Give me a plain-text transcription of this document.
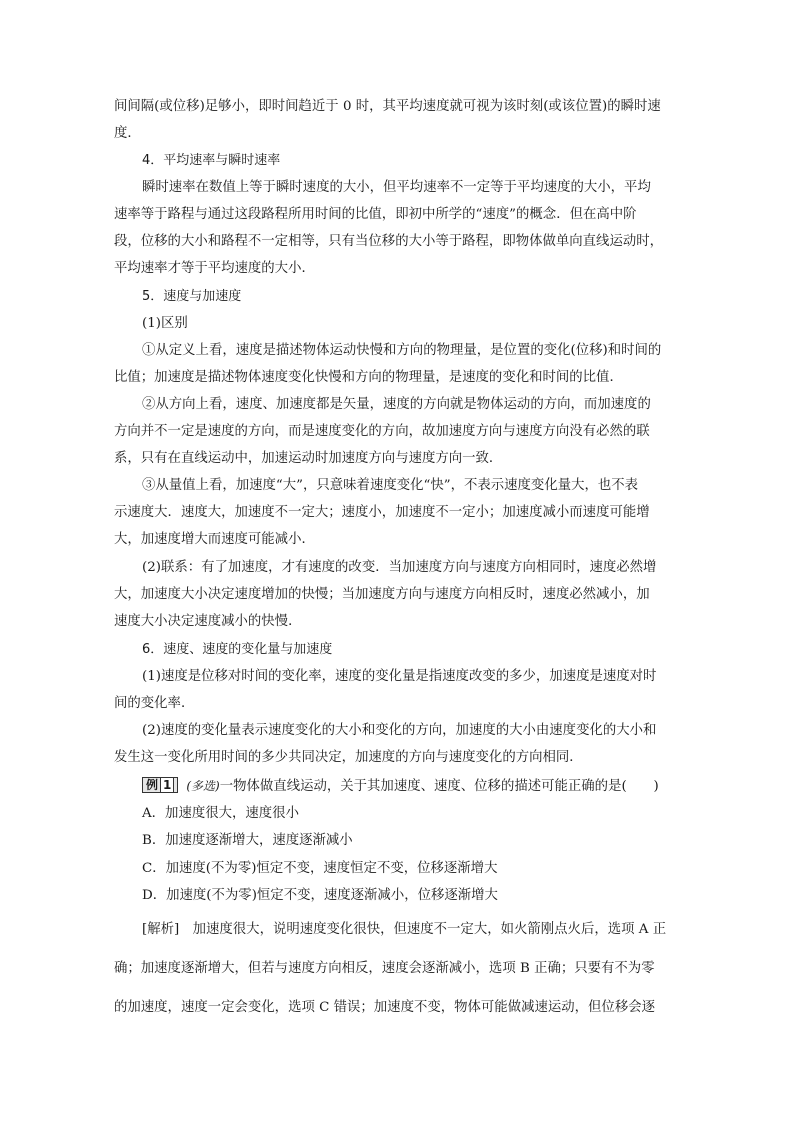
间间隔(或位移)足够小，即时间趋近于 0 时，其平均速度就可视为该时刻(或该位置)的瞬时速

度．

4．平均速率与瞬时速率

瞬时速率在数值上等于瞬时速度的大小，但平均速率不一定等于平均速度的大小，平均

速率等于路程与通过这段路程所用时间的比值，即初中所学的“速度”的概念．但在高中阶

段，位移的大小和路程不一定相等，只有当位移的大小等于路程，即物体做单向直线运动时，

平均速率才等于平均速度的大小．

5．速度与加速度

(1)区别

①从定义上看，速度是描述物体运动快慢和方向的物理量，是位置的变化(位移)和时间的

比值；加速度是描述物体速度变化快慢和方向的物理量，是速度的变化和时间的比值．

②从方向上看，速度、加速度都是矢量，速度的方向就是物体运动的方向，而加速度的

方向并不一定是速度的方向，而是速度变化的方向，故加速度方向与速度方向没有必然的联

系，只有在直线运动中，加速运动时加速度方向与速度方向一致．

③从量值上看，加速度“大”，只意味着速度变化“快”，不表示速度变化量大，也不表

示速度大．速度大，加速度不一定大；速度小，加速度不一定小；加速度减小而速度可能增

大，加速度增大而速度可能减小．

(2)联系：有了加速度，才有速度的改变．当加速度方向与速度方向相同时，速度必然增

大，加速度大小决定速度增加的快慢；当加速度方向与速度方向相反时，速度必然减小，加

速度大小决定速度减小的快慢．

6．速度、速度的变化量与加速度

(1)速度是位移对时间的变化率，速度的变化量是指速度改变的多少，加速度是速度对时

间的变化率．

(2)速度的变化量表示速度变化的大小和变化的方向，加速度的大小由速度变化的大小和

发生这一变化所用时间的多少共同决定，加速度的方向与速度变化的方向相同．

例 1 (多选)一物体做直线运动，关于其加速度、速度、位移的描述可能正确的是(　　)

A．加速度很大，速度很小

B．加速度逐渐增大，速度逐渐减小

C．加速度(不为零)恒定不变，速度恒定不变，位移逐渐增大

D．加速度(不为零)恒定不变，速度逐渐减小，位移逐渐增大

[解析]　加速度很大，说明速度变化很快，但速度不一定大，如火箭刚点火后，选项 A 正

确；加速度逐渐增大，但若与速度方向相反，速度会逐渐减小，选项 B 正确；只要有不为零

的加速度，速度一定会变化，选项 C 错误；加速度不变，物体可能做减速运动，但位移会逐
